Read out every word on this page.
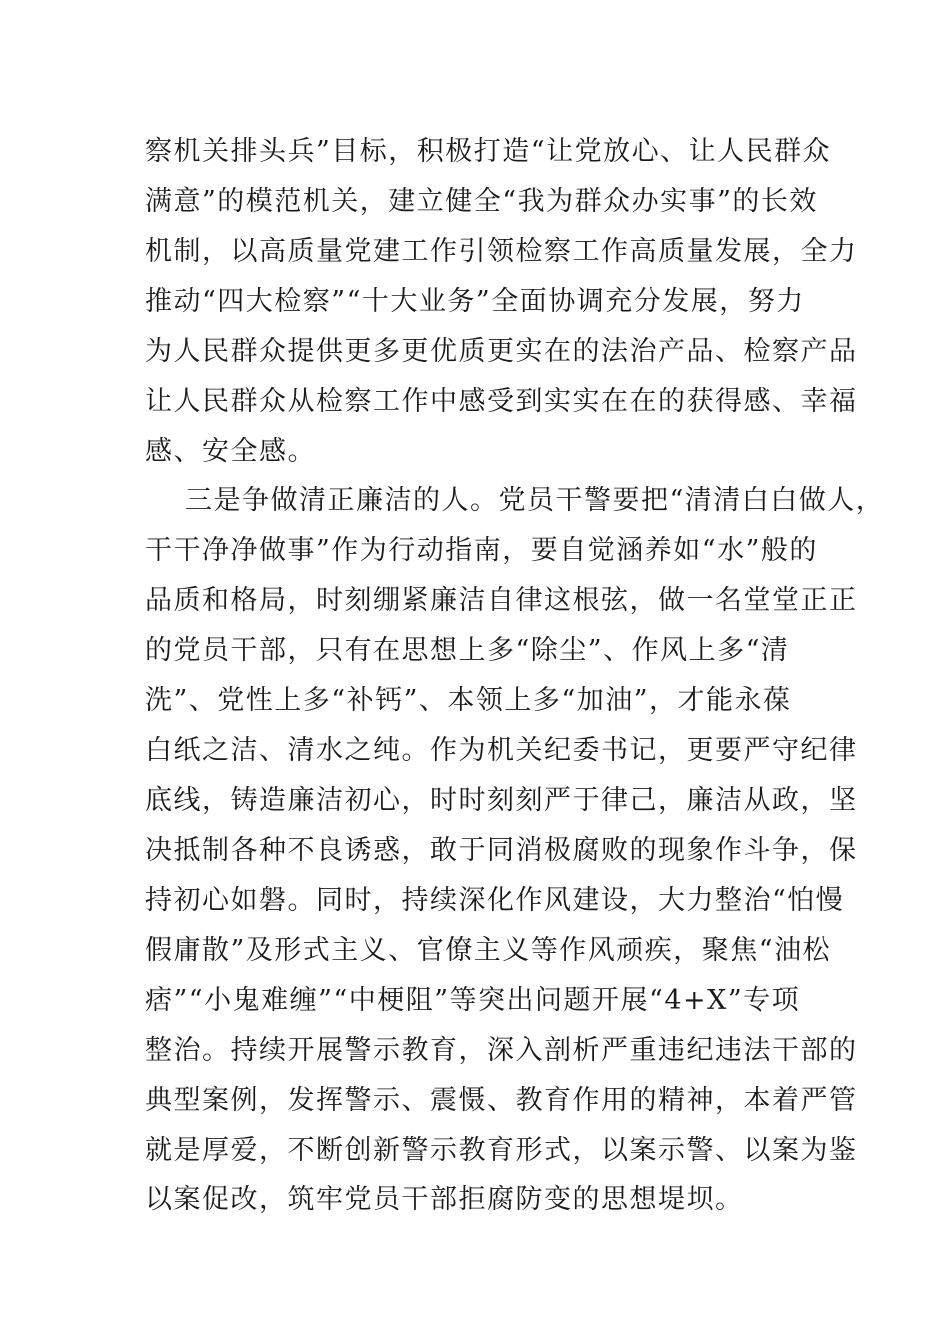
察机关排头兵”目标，积极打造“让党放心、让人民群众
满意”的模范机关，建立健全“我为群众办实事”的长效
机制，以高质量党建工作引领检察工作高质量发展，全力
推动“四大检察”“十大业务”全面协调充分发展，努力
为人民群众提供更多更优质更实在的法治产品、检察产品
让人民群众从检察工作中感受到实实在在的获得感、幸福
感、安全感。
三是争做清正廉洁的人。党员干警要把“清清白白做人，
干干净净做事”作为行动指南，要自觉涵养如“水”般的
品质和格局，时刻绷紧廉洁自律这根弦，做一名堂堂正正
的党员干部，只有在思想上多“除尘”、作风上多“清
洗”、党性上多“补钙”、本领上多“加油”，才能永葆
白纸之洁、清水之纯。作为机关纪委书记，更要严守纪律
底线，铸造廉洁初心，时时刻刻严于律己，廉洁从政，坚
决抵制各种不良诱惑，敢于同消极腐败的现象作斗争，保
持初心如磐。同时，持续深化作风建设，大力整治“怕慢
假庸散”及形式主义、官僚主义等作风顽疾，聚焦“油松
痞”“小鬼难缠”“中梗阻”等突出问题开展“4+X”专项
整治。持续开展警示教育，深入剖析严重违纪违法干部的
典型案例，发挥警示、震慑、教育作用的精神，本着严管
就是厚爱，不断创新警示教育形式，以案示警、以案为鉴
以案促改，筑牢党员干部拒腐防变的思想堤坝。
